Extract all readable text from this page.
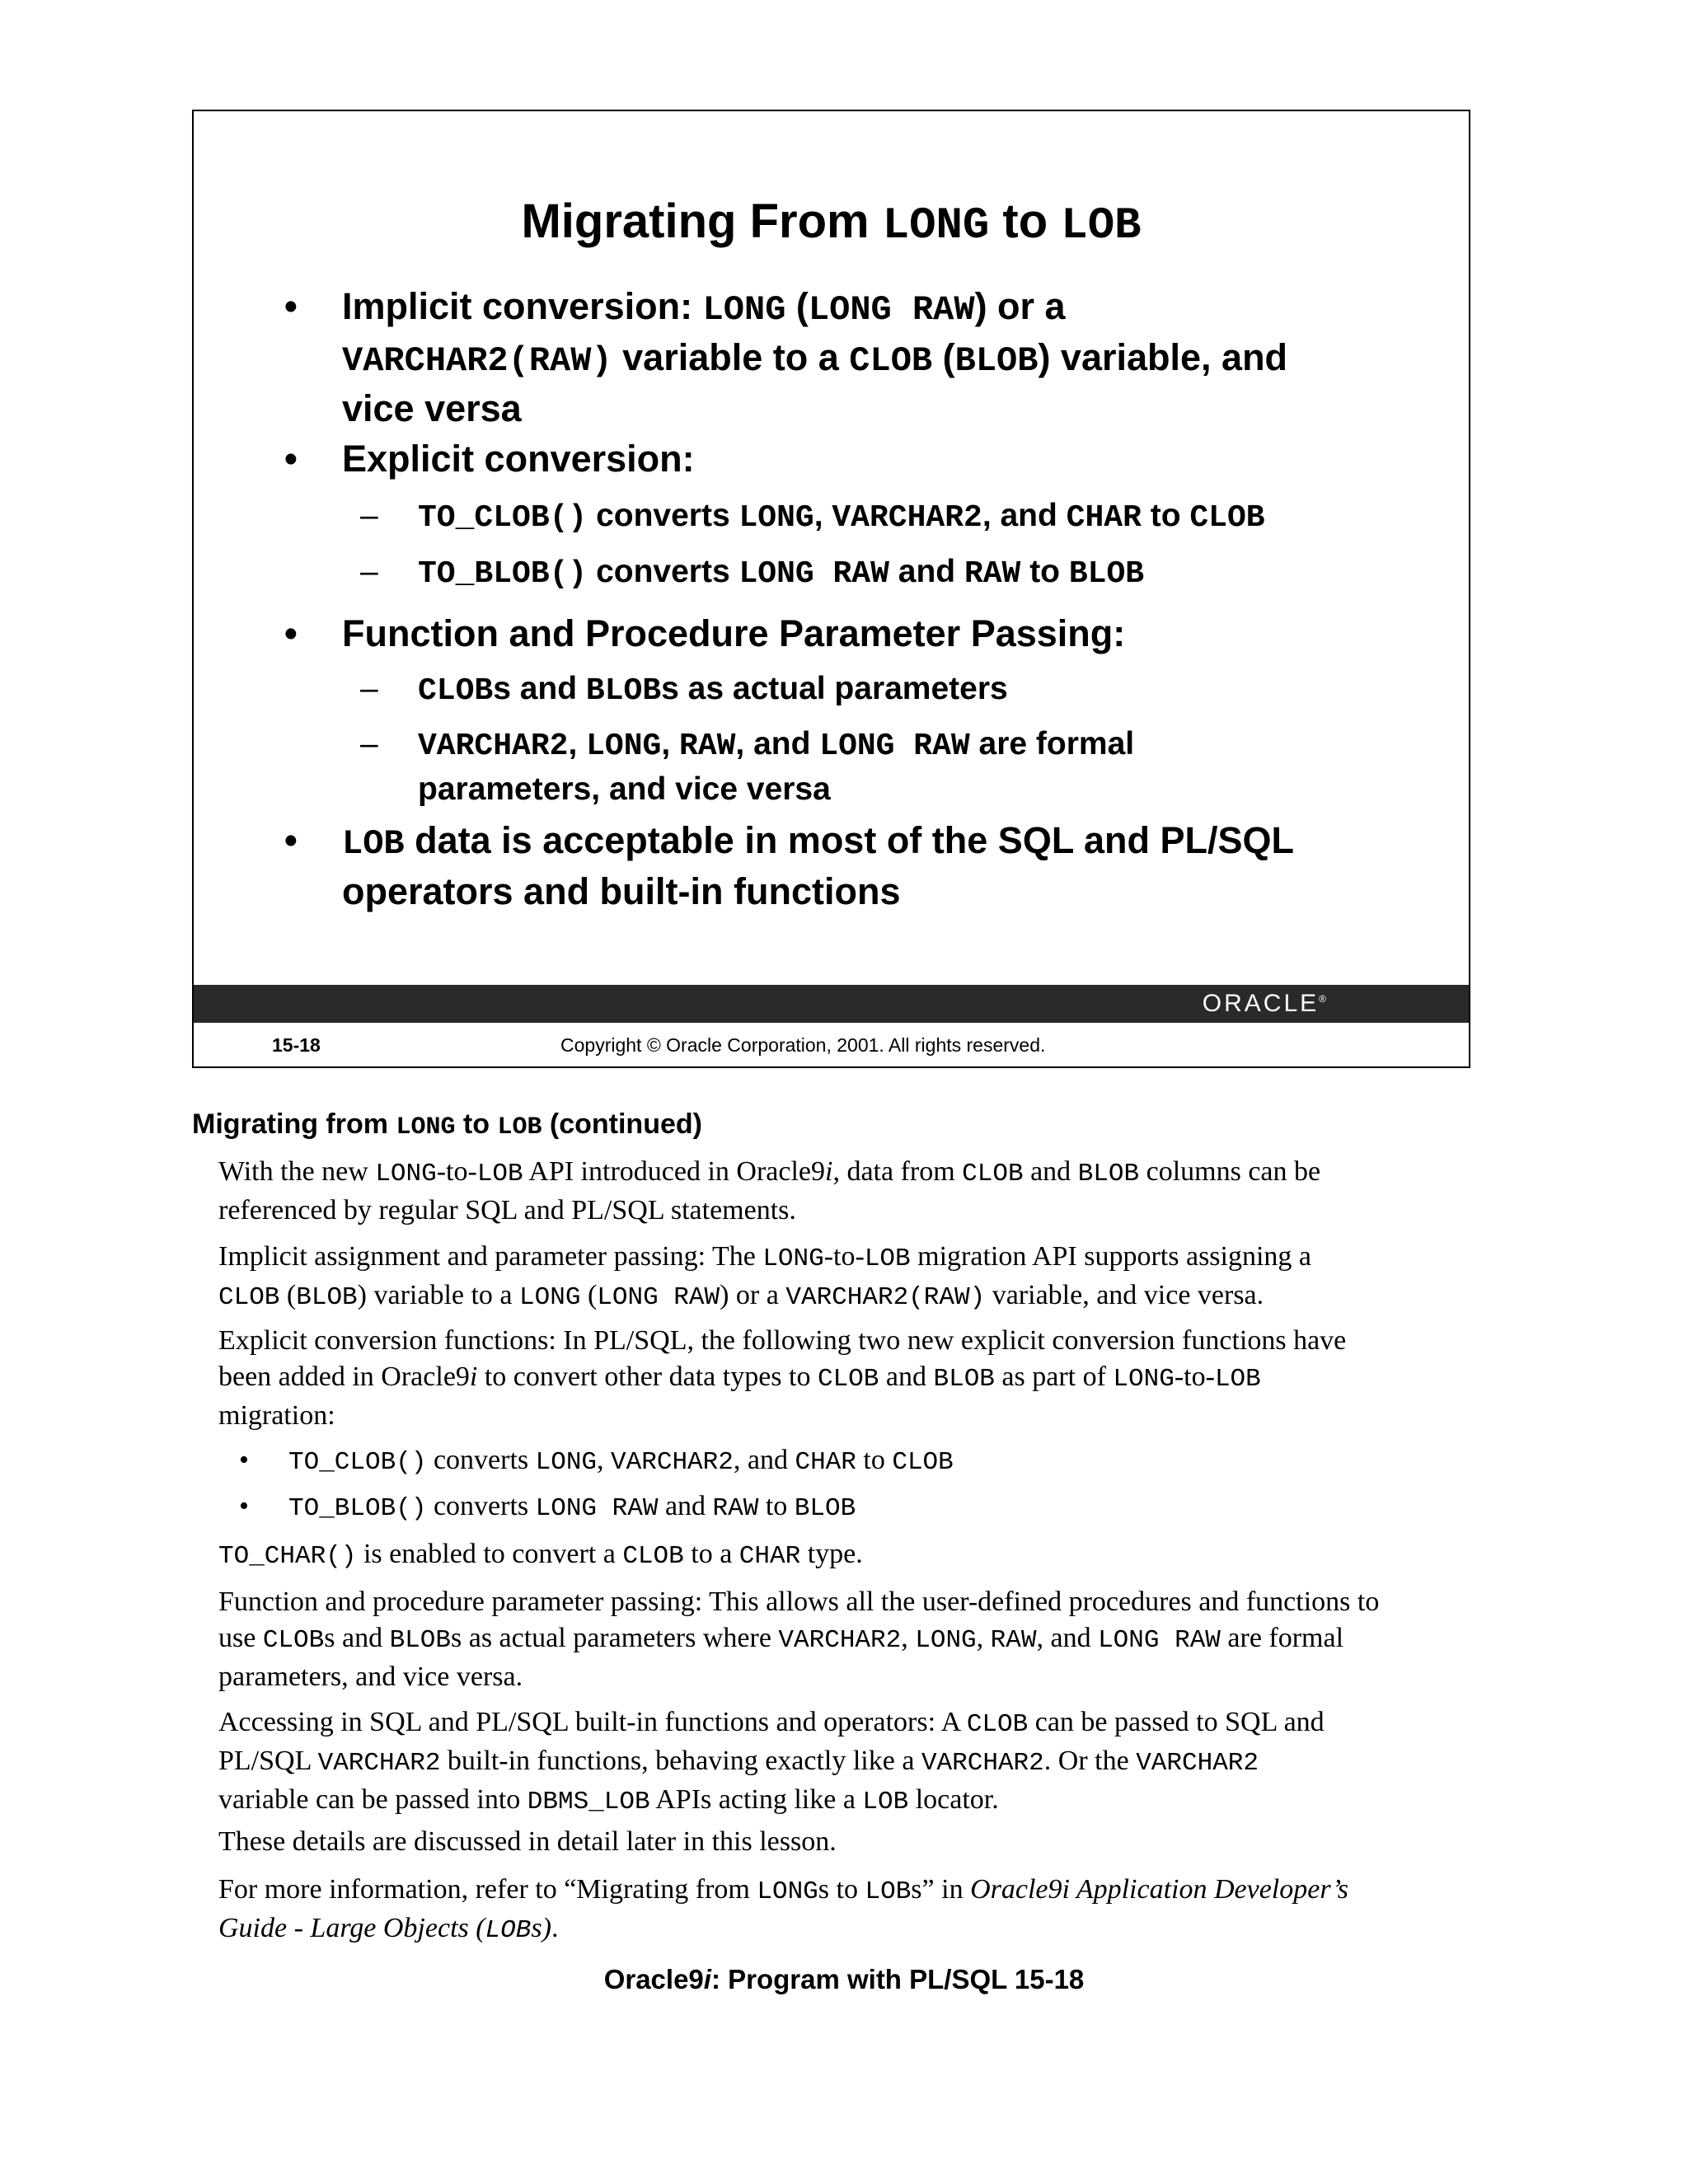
Migrating From LONG to LOB
• Implicit conversion: LONG (LONG RAW) or a
VARCHAR2(RAW) variable to a CLOB (BLOB) variable, and
vice versa
• Explicit conversion:
– TO_CLOB() converts LONG, VARCHAR2, and CHAR to CLOB
– TO_BLOB() converts LONG RAW and RAW to BLOB
• Function and Procedure Parameter Passing:
– CLOBs and BLOBs as actual parameters
– VARCHAR2, LONG, RAW, and LONG RAW are formal
parameters, and vice versa
• LOB data is acceptable in most of the SQL and PL/SQL
operators and built-in functions
ORACLE®
15-18	Copyright © Oracle Corporation, 2001. All rights reserved.
Migrating from LONG to LOB (continued)
With the new LONG-to-LOB API introduced in Oracle9i, data from CLOB and BLOB columns can be
referenced by regular SQL and PL/SQL statements.
Implicit assignment and parameter passing: The LONG-to-LOB migration API supports assigning a
CLOB (BLOB) variable to a LONG (LONG RAW) or a VARCHAR2(RAW) variable, and vice versa.
Explicit conversion functions: In PL/SQL, the following two new explicit conversion functions have
been added in Oracle9i to convert other data types to CLOB and BLOB as part of LONG-to-LOB
migration:
• TO_CLOB() converts LONG, VARCHAR2, and CHAR to CLOB
• TO_BLOB() converts LONG RAW and RAW to BLOB
TO_CHAR() is enabled to convert a CLOB to a CHAR type.
Function and procedure parameter passing: This allows all the user-defined procedures and functions to
use CLOBs and BLOBs as actual parameters where VARCHAR2, LONG, RAW, and LONG RAW are formal
parameters, and vice versa.
Accessing in SQL and PL/SQL built-in functions and operators: A CLOB can be passed to SQL and
PL/SQL VARCHAR2 built-in functions, behaving exactly like a VARCHAR2. Or the VARCHAR2
variable can be passed into DBMS_LOB APIs acting like a LOB locator.
These details are discussed in detail later in this lesson.
For more information, refer to “Migrating from LONGs to LOBs” in Oracle9i Application Developer’s
Guide - Large Objects (LOBs).
Oracle9i: Program with PL/SQL 15-18
